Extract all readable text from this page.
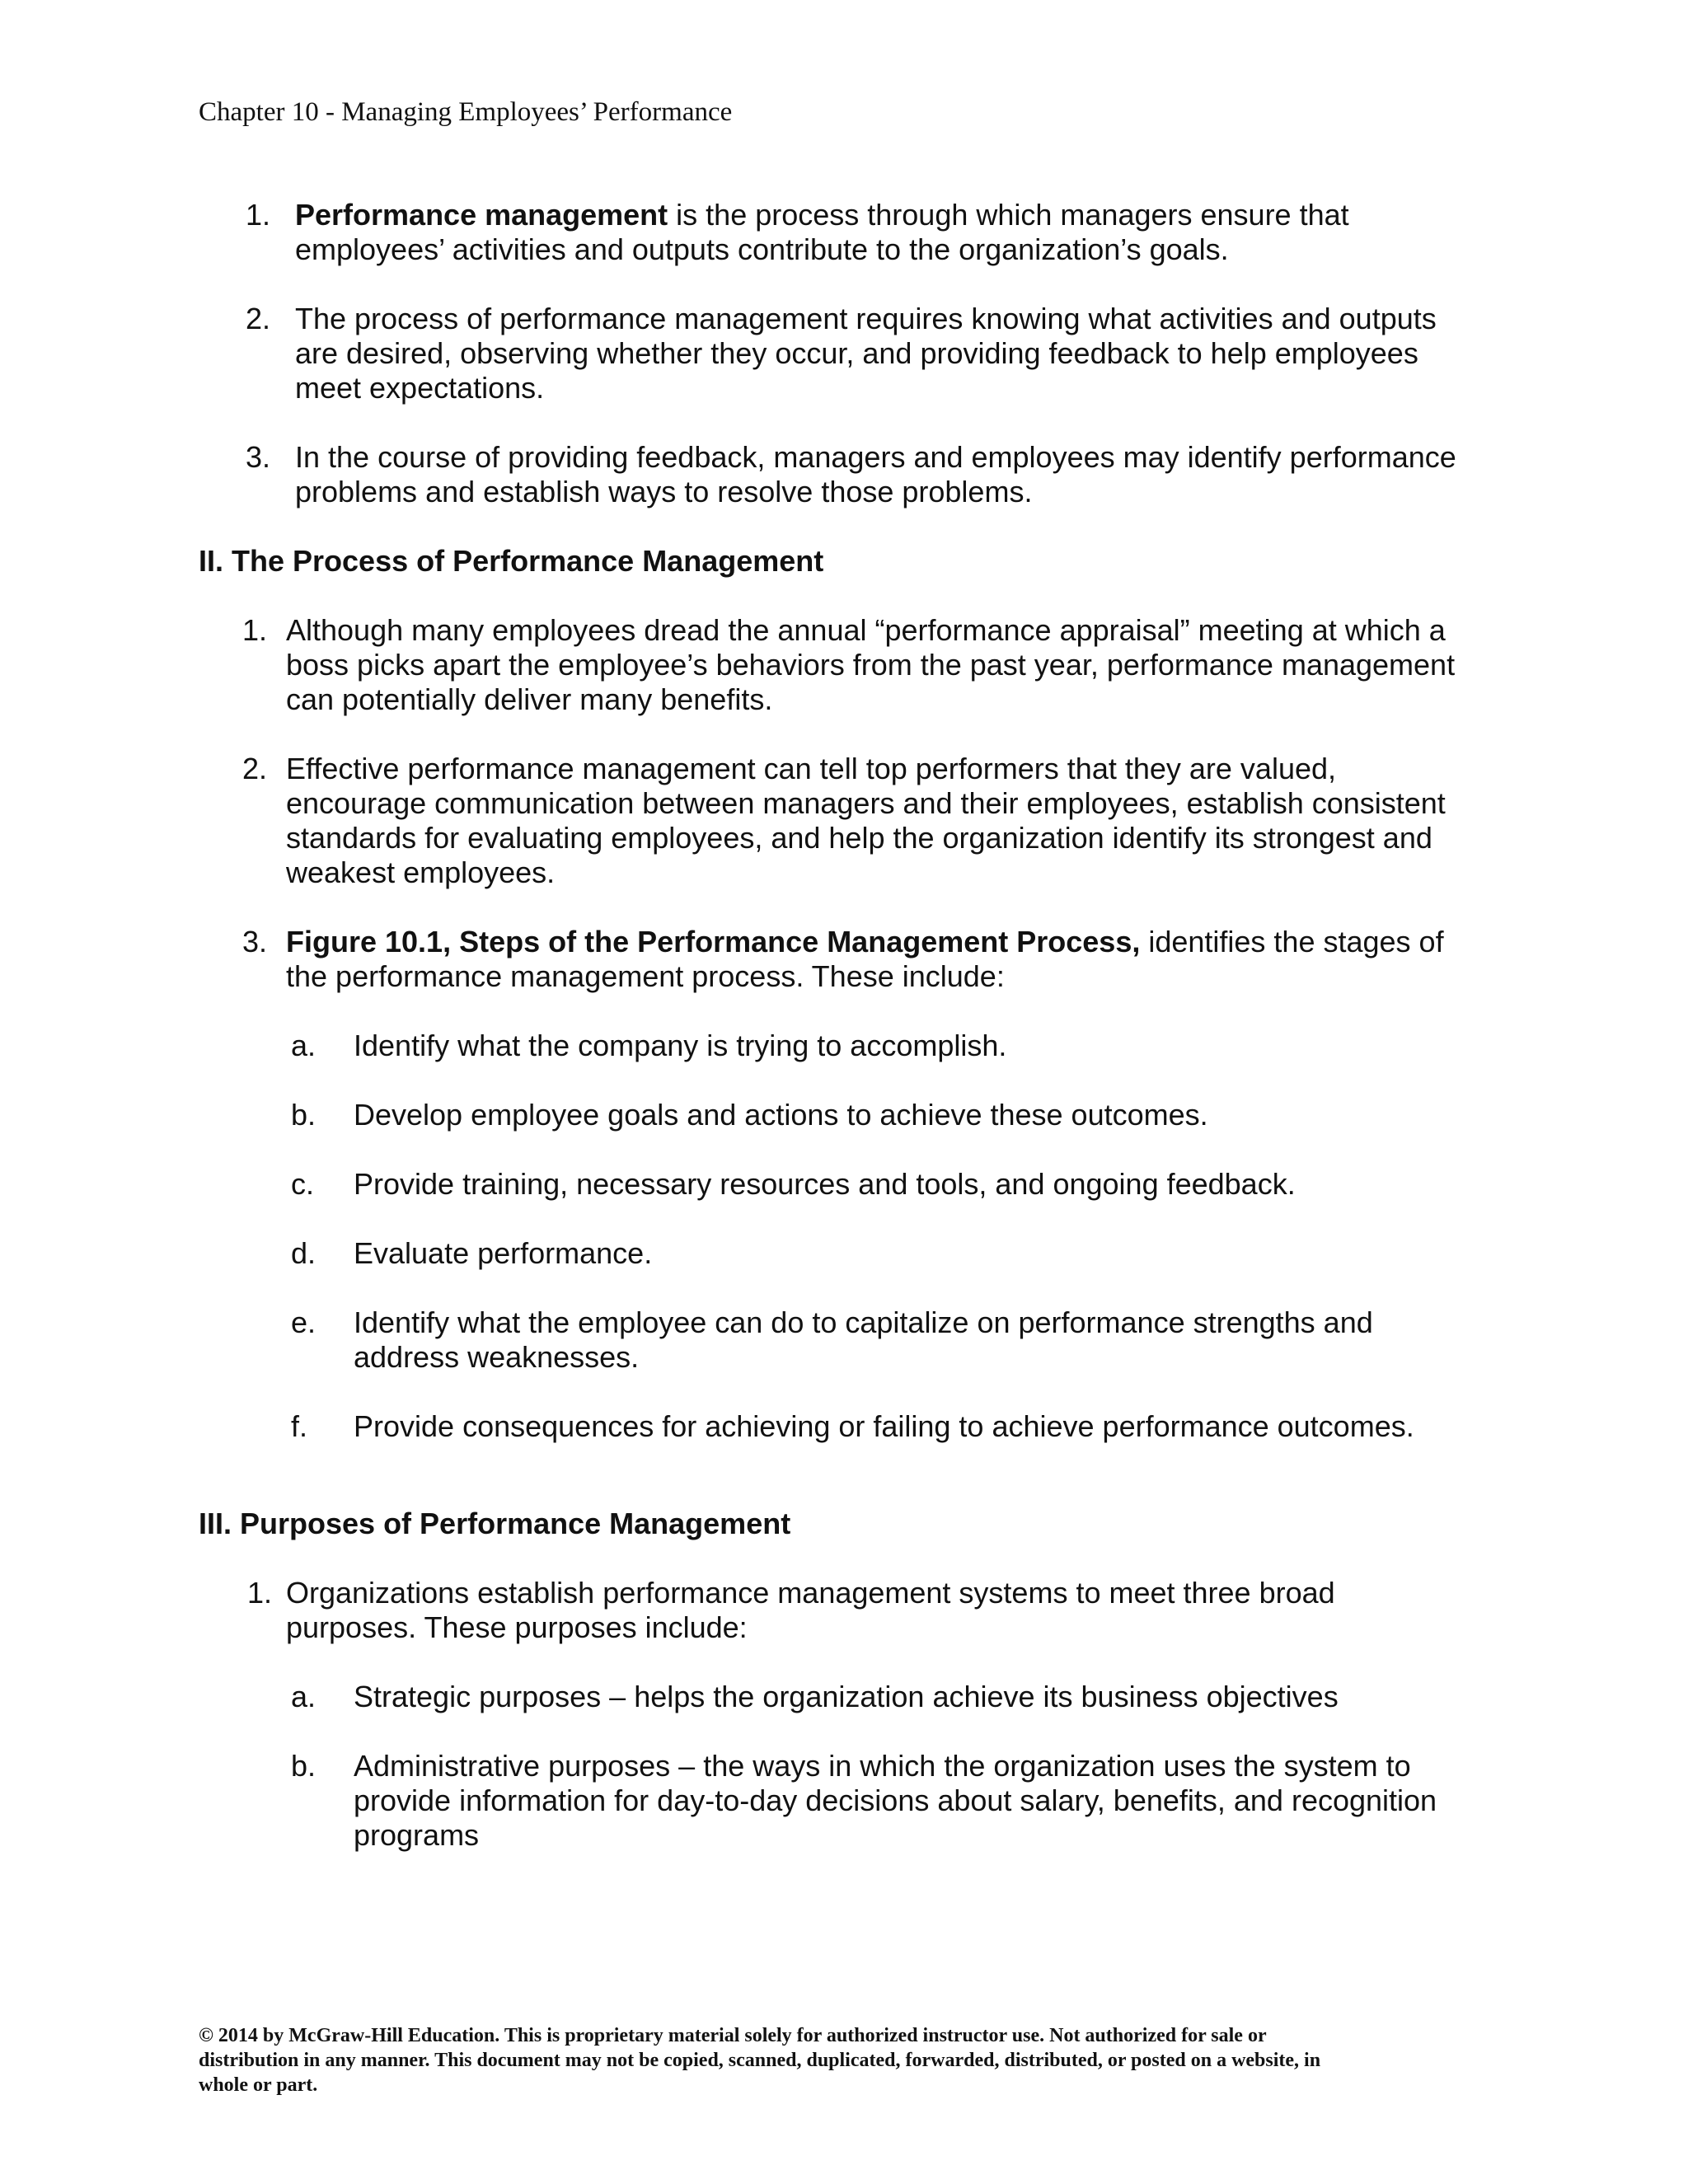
Chapter 10 - Managing Employees’ Performance
1. Performance management is the process through which managers ensure that
employees’ activities and outputs contribute to the organization’s goals.
2. The process of performance management requires knowing what activities and outputs
are desired, observing whether they occur, and providing feedback to help employees
meet expectations.
3. In the course of providing feedback, managers and employees may identify performance
problems and establish ways to resolve those problems.
II. The Process of Performance Management
1. Although many employees dread the annual “performance appraisal” meeting at which a
boss picks apart the employee’s behaviors from the past year, performance management
can potentially deliver many benefits.
2. Effective performance management can tell top performers that they are valued,
encourage communication between managers and their employees, establish consistent
standards for evaluating employees, and help the organization identify its strongest and
weakest employees.
3. Figure 10.1, Steps of the Performance Management Process, identifies the stages of
the performance management process. These include:
a. Identify what the company is trying to accomplish.
b. Develop employee goals and actions to achieve these outcomes.
c. Provide training, necessary resources and tools, and ongoing feedback.
d. Evaluate performance.
e. Identify what the employee can do to capitalize on performance strengths and
address weaknesses.
f. Provide consequences for achieving or failing to achieve performance outcomes.
III. Purposes of Performance Management
1. Organizations establish performance management systems to meet three broad
purposes. These purposes include:
a. Strategic purposes – helps the organization achieve its business objectives
b. Administrative purposes – the ways in which the organization uses the system to
provide information for day-to-day decisions about salary, benefits, and recognition
programs
© 2014 by McGraw-Hill Education. This is proprietary material solely for authorized instructor use. Not authorized for sale or
distribution in any manner. This document may not be copied, scanned, duplicated, forwarded, distributed, or posted on a website, in
whole or part.
